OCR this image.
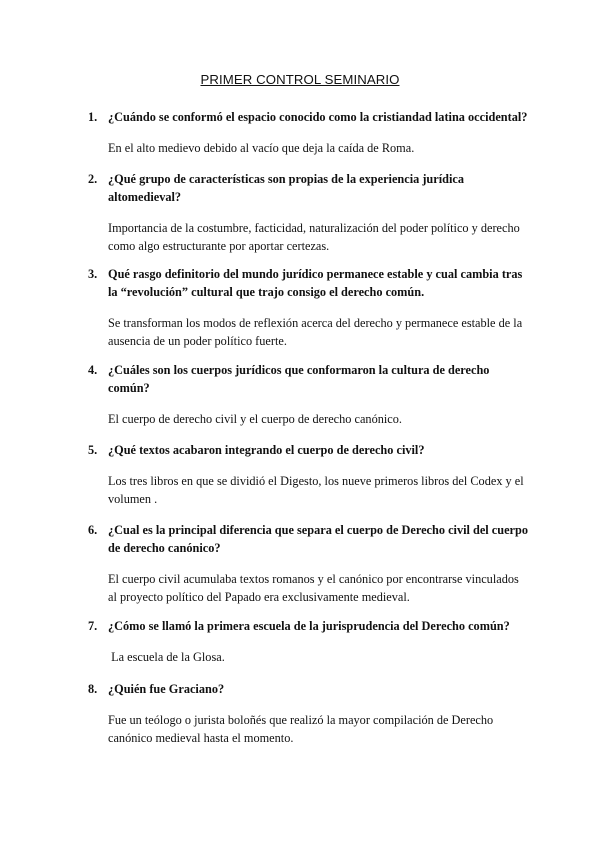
PRIMER CONTROL SEMINARIO
1. ¿Cuándo se conformó el espacio conocido como la cristiandad latina occidental?
En el alto medievo debido al vacío que deja la caída de Roma.
2. ¿Qué grupo de características son propias de la experiencia jurídica altomedieval?
Importancia de la costumbre, facticidad, naturalización del poder político y derecho como algo estructurante por aportar certezas.
3. Qué rasgo definitorio del mundo jurídico permanece estable y cual cambia tras la “revolución” cultural que trajo consigo el derecho común.
Se transforman los modos de reflexión acerca del derecho y permanece estable de la ausencia de un poder político fuerte.
4. ¿Cuáles son los cuerpos jurídicos que conformaron la cultura de derecho común?
El cuerpo de derecho civil y el cuerpo de derecho canónico.
5. ¿Qué textos acabaron integrando el cuerpo de derecho civil?
Los tres libros en que se dividió el Digesto, los nueve primeros libros del Codex y el volumen .
6. ¿Cual es la principal diferencia que separa el cuerpo de Derecho civil del cuerpo de derecho canónico?
El cuerpo civil acumulaba textos romanos y el canónico por encontrarse vinculados al proyecto político del Papado era exclusivamente medieval.
7. ¿Cómo se llamó la primera escuela de la jurisprudencia del Derecho común?
La escuela de la Glosa.
8. ¿Quién fue Graciano?
Fue un teólogo o jurista boloñés que realizó la mayor compilación de Derecho canónico medieval hasta el momento.
